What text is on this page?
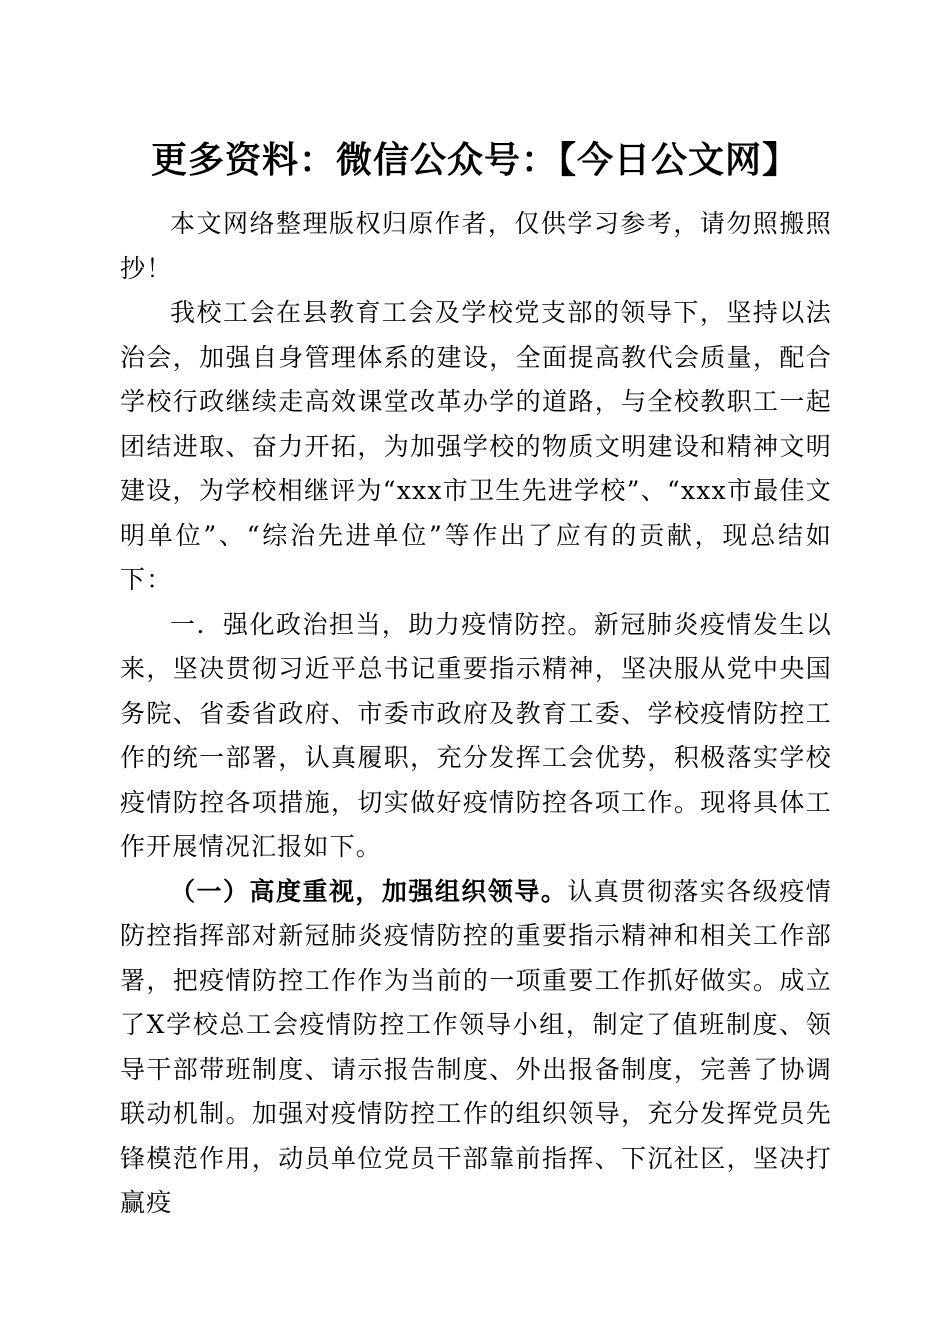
更多资料：微信公众号：【今日公文网】

本文网络整理版权归原作者，仅供学习参考，请勿照搬照抄！

我校工会在县教育工会及学校党支部的领导下，坚持以法治会，加强自身管理体系的建设，全面提高教代会质量，配合学校行政继续走高效课堂改革办学的道路，与全校教职工一起团结进取、奋力开拓，为加强学校的物质文明建设和精神文明建设，为学校相继评为“xxx市卫生先进学校”、“xxx市最佳文明单位”、“综治先进单位”等作出了应有的贡献，现总结如下：

一．强化政治担当，助力疫情防控。新冠肺炎疫情发生以来，坚决贯彻习近平总书记重要指示精神，坚决服从党中央国务院、省委省政府、市委市政府及教育工委、学校疫情防控工作的统一部署，认真履职，充分发挥工会优势，积极落实学校疫情防控各项措施，切实做好疫情防控各项工作。现将具体工作开展情况汇报如下。

（一）高度重视，加强组织领导。认真贯彻落实各级疫情防控指挥部对新冠肺炎疫情防控的重要指示精神和相关工作部署，把疫情防控工作作为当前的一项重要工作抓好做实。成立了X学校总工会疫情防控工作领导小组，制定了值班制度、领导干部带班制度、请示报告制度、外出报备制度，完善了协调联动机制。加强对疫情防控工作的组织领导，充分发挥党员先锋模范作用，动员单位党员干部靠前指挥、下沉社区，坚决打赢疫
